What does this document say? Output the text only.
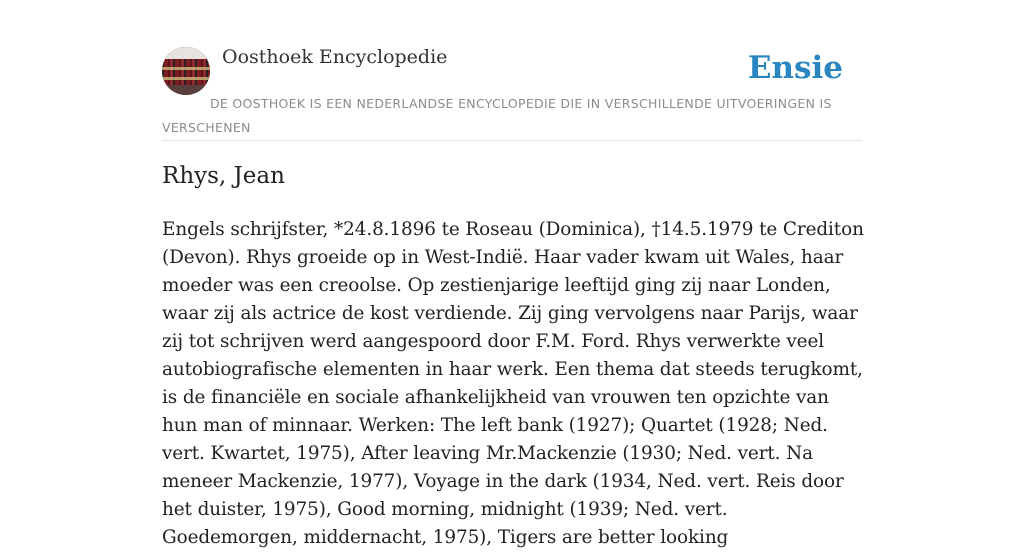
Oosthoek Encyclopedie	Ensie
DE OOSTHOEK IS EEN NEDERLANDSE ENCYCLOPEDIE DIE IN VERSCHILLENDE UITVOERINGEN IS VERSCHENEN
Rhys, Jean

Engels schrijfster, *24.8.1896 te Roseau (Dominica), †14.5.1979 te Crediton (Devon). Rhys groeide op in West-Indië. Haar vader kwam uit Wales, haar moeder was een creoolse. Op zestienjarige leeftijd ging zij naar Londen, waar zij als actrice de kost verdiende. Zij ging vervolgens naar Parijs, waar zij tot schrijven werd aangespoord door F.M. Ford. Rhys verwerkte veel autobiografische elementen in haar werk. Een thema dat steeds terugkomt, is de financiële en sociale afhankelijkheid van vrouwen ten opzichte van hun man of minnaar. Werken: The left bank (1927); Quartet (1928; Ned. vert. Kwartet, 1975), After leaving Mr.Mackenzie (1930; Ned. vert. Na meneer Mackenzie, 1977), Voyage in the dark (1934, Ned. vert. Reis door het duister, 1975), Good morning, midnight (1939; Ned. vert. Goedemorgen, middernacht, 1975), Tigers are better looking
